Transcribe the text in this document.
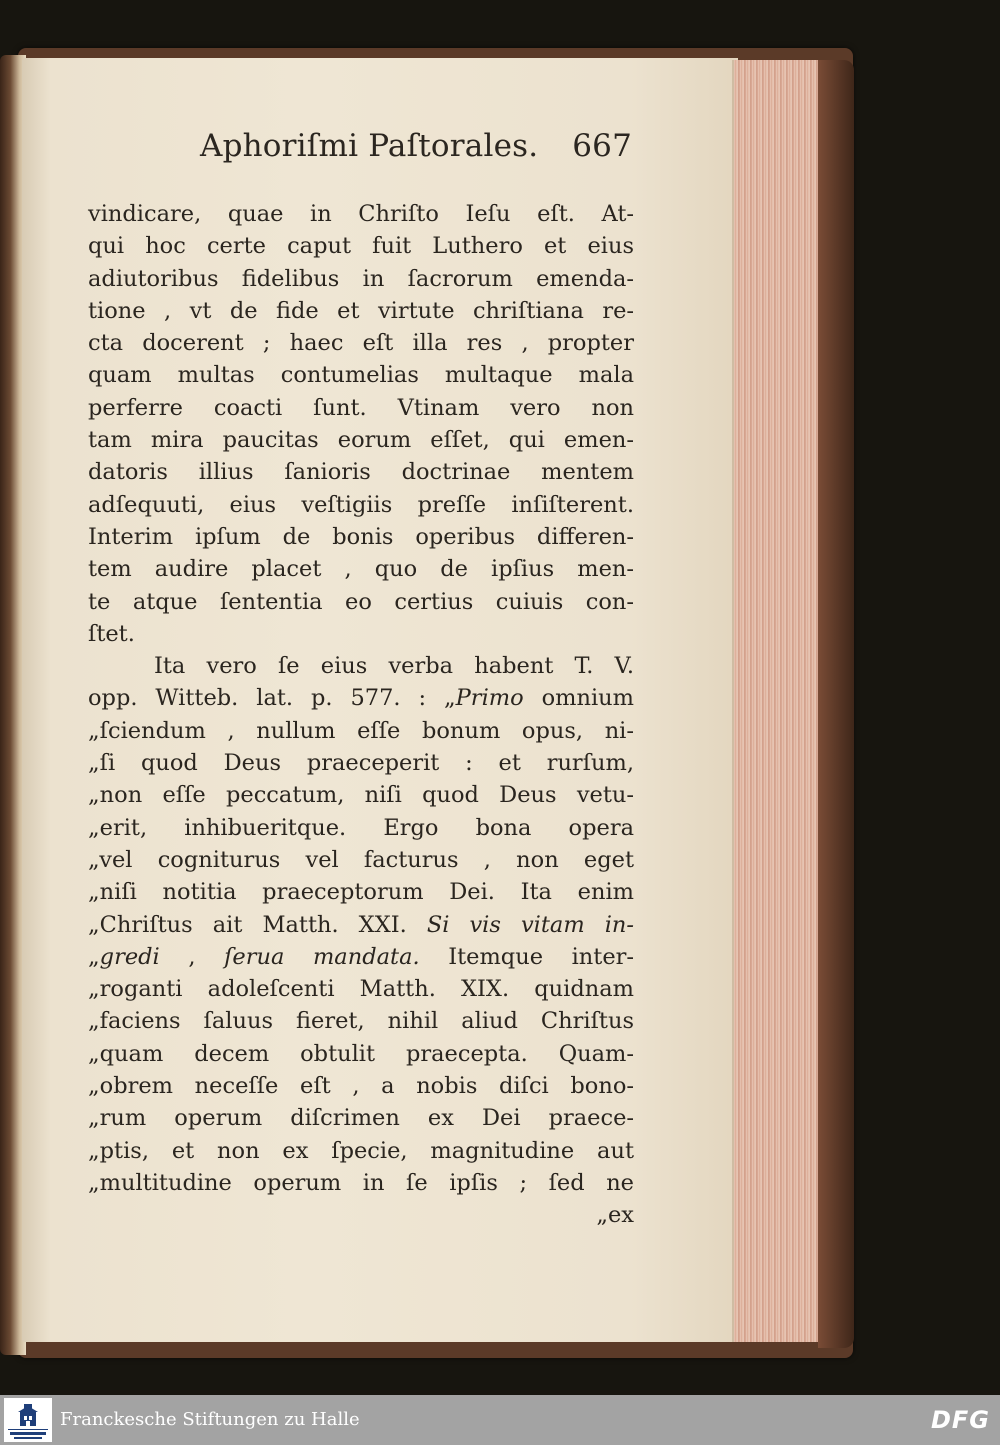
Aphoriſmi Paſtorales. 667
vindicare, quae in Chriſto Ieſu eſt. At-
qui hoc certe caput fuit Luthero et eius
adiutoribus fidelibus in ſacrorum emenda-
tione , vt de fide et virtute chriſtiana re-
cta docerent ; haec eſt illa res , propter
quam multas contumelias multaque mala
perferre coacti ſunt. Vtinam vero non
tam mira paucitas eorum eſſet, qui emen-
datoris illius ſanioris doctrinae mentem
adſequuti, eius veſtigiis preſſe inſiſterent.
Interim ipſum de bonis operibus differen-
tem audire placet , quo de ipſius men-
te atque ſententia eo certius cuiuis con-
ſtet.
Ita vero ſe eius verba habent T. V.
opp. Witteb. lat. p. 577. : „Primo omnium
„ſciendum , nullum eſſe bonum opus, ni-
„ſi quod Deus praeceperit : et rurſum,
„non eſſe peccatum, niſi quod Deus vetu-
„erit, inhibueritque. Ergo bona opera
„vel cogniturus vel facturus , non eget
„niſi notitia praeceptorum Dei. Ita enim
„Chriſtus ait Matth. XXI. Si vis vitam in-
„gredi , ſerua mandata. Itemque inter-
„roganti adoleſcenti Matth. XIX. quidnam
„faciens ſaluus fieret, nihil aliud Chriſtus
„quam decem obtulit praecepta. Quam-
„obrem neceſſe eſt , a nobis diſci bono-
„rum operum diſcrimen ex Dei praece-
„ptis, et non ex ſpecie, magnitudine aut
„multitudine operum in ſe ipſis ; ſed ne
„ex
Franckesche Stiftungen zu Halle	DFG
